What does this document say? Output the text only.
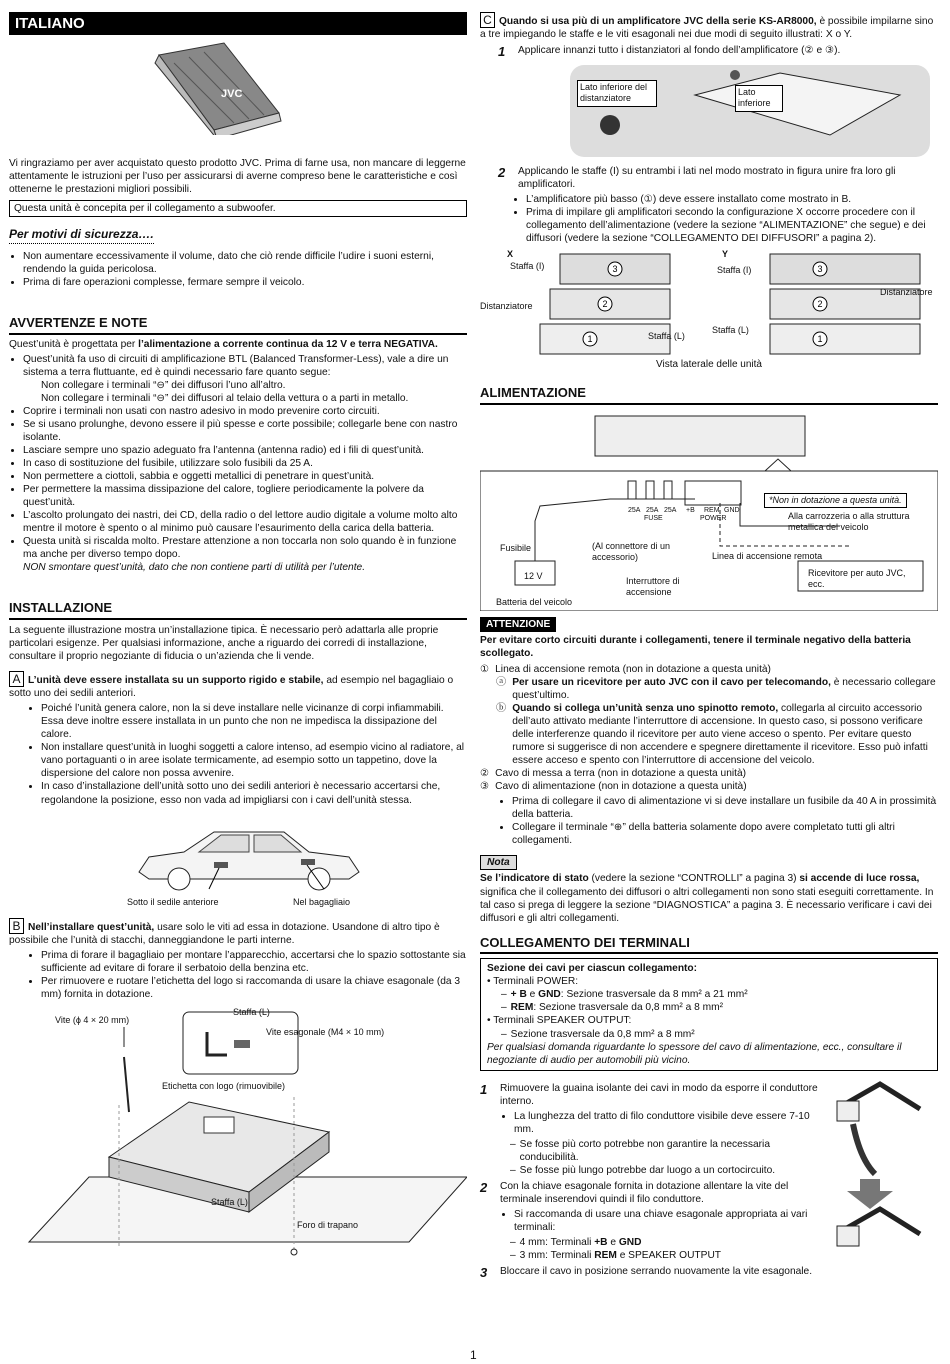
ITALIANO
JVC
Vi ringraziamo per aver acquistato questo prodotto JVC. Prima di farne usa, non mancare di leggerne attentamente le istruzioni per l’uso per assicurarsi di averne compreso bene le caratteristiche e così ottenerne le prestazioni migliori possibili.
Questa unità è concepita per il collegamento a subwoofer.
Per motivi di sicurezza….
• Non aumentare eccessivamente il volume, dato che ciò rende difficile l’udire i suoni esterni, rendendo la guida pericolosa.
• Prima di fare operazioni complesse, fermare sempre il veicolo.
AVVERTENZE E NOTE
Quest’unità è progettata per l’alimentazione a corrente continua da 12 V e terra NEGATIVA.
• Quest’unità fa uso di circuiti di amplificazione BTL (Balanced Transformer-Less), vale a dire un sistema a terra fluttuante, ed è quindi necessario fare quanto segue:
Non collegare i terminali “⊖” dei diffusori l’uno all’altro.
Non collegare i terminali “⊖” dei diffusori al telaio della vettura o a parti in metallo.
• Coprire i terminali non usati con nastro adesivo in modo prevenire corto circuiti.
• Se si usano prolunghe, devono essere il più spesse e corte possibile; collegarle bene con nastro isolante.
• Lasciare sempre uno spazio adeguato fra l’antenna (antenna radio) ed i fili di quest’unità.
• In caso di sostituzione del fusibile, utilizzare solo fusibili da 25 A.
• Non permettere a ciottoli, sabbia e oggetti metallici di penetrare in quest’unità.
• Per permettere la massima dissipazione del calore, togliere periodicamente la polvere da quest’unità.
• L’ascolto prolungato dei nastri, dei CD, della radio o del lettore audio digitale a volume molto alto mentre il motore è spento o al minimo può causare l’esaurimento della carica della batteria.
• Questa unità si riscalda molto. Prestare attenzione a non toccarla non solo quando è in funzione ma anche per diverso tempo dopo.
NON smontare quest’unità, dato che non contiene parti di utilità per l’utente.
INSTALLAZIONE
La seguente illustrazione mostra un’installazione tipica. È necessario però adattarla alle proprie particolari esigenze. Per qualsiasi informazione, anche a riguardo dei corredi di installazione, consultare il proprio negoziante di fiducia o un’azienda che li vende.
A L’unità deve essere installata su un supporto rigido e stabile, ad esempio nel bagagliaio o sotto uno dei sedili anteriori.
• Poiché l’unità genera calore, non la si deve installare nelle vicinanze di corpi infiammabili. Essa deve inoltre essere installata in un punto che non ne impedisca la dissipazione del calore.
• Non installare quest’unità in luoghi soggetti a calore intenso, ad esempio vicino al radiatore, al vano portaguanti o in aree isolate termicamente, ad esempio sotto un tappetino, dove la dispersione del calore non possa avvenire.
• In caso d’installazione dell’unità sotto uno dei sedili anteriori è necessario accertarsi che, regolandone la posizione, esso non vada ad impigliarsi con i cavi dell’unità stessa.
Sotto il sedile anteriore	Nel bagagliaio
B Nell’installare quest’unità, usare solo le viti ad essa in dotazione. Usandone di altro tipo è possibile che l’unità di stacchi, danneggiandone le parti interne.
• Prima di forare il bagagliaio per montare l’apparecchio, accertarsi che lo spazio sottostante sia sufficiente ad evitare di forare il serbatoio della benzina etc.
• Per rimuovere e ruotare l’etichetta del logo si raccomanda di usare la chiave esagonale (da 3 mm) fornita in dotazione.
Vite (ϕ 4 × 20 mm)
Staffa (L)
Vite esagonale (M4 × 10 mm)
Etichetta con logo (rimuovibile)
Staffa (L)
Foro di trapano
C Quando si usa più di un amplificatore JVC della serie KS-AR8000, è possibile impilarne sino a tre impiegando le staffe e le viti esagonali nei due modi di seguito illustrati: X o Y.
1	Applicare innanzi tutto i distanziatori al fondo dell’amplificatore (② e ③).
Lato inferiore del distanziatore
Lato inferiore
2	Applicando le staffe (I) su entrambi i lati nel modo mostrato in figura unire fra loro gli amplificatori.
• L’amplificatore più basso (①) deve essere installato come mostrato in B.
• Prima di impilare gli amplificatori secondo la configurazione X occorre procedere con il collegamento dell’alimentazione (vedere la sezione “ALIMENTAZIONE” che segue) e dei diffusori (vedere la sezione “COLLEGAMENTO DEI DIFFUSORI” a pagina 2).
3
2
1
3
2
1
X	Y
Staffa (I)	Staffa (I)
Distanziatore
Distanziatore
Staffa (L)
Staffa (L)
Vista laterale delle unità
ALIMENTAZIONE
*Non in dotazione a questa unità.
25A 25A 25A
FUSE
+B REM GND
POWER	Alla carrozzeria o alla struttura metallica del veicolo
Fusibile	(Al connettore di un accessorio)	Linea di accensione remota
12 V
Batteria del veicolo
Interruttore di accensione
Ricevitore per auto JVC, ecc.
ATTENZIONE
Per evitare corto circuiti durante i collegamenti, tenere il terminale negativo della batteria scollegato.
① Linea di accensione remota (non in dotazione a questa unità)
ⓐ Per usare un ricevitore per auto JVC con il cavo per telecomando, è necessario collegare quest’ultimo.
ⓑ Quando si collega un’unità senza uno spinotto remoto, collegarla al circuito accessorio dell’auto attivato mediante l’interruttore di accensione. In questo caso, si possono verificare delle interferenze quando il ricevitore per auto viene acceso o spento. Per evitare questo rumore si suggerisce di non accendere e spegnere direttamente il ricevitore. Esso può infatti essere acceso e spento con l’interruttore di accensione del veicolo.
② Cavo di messa a terra (non in dotazione a questa unità)
③ Cavo di alimentazione (non in dotazione a questa unità)
• Prima di collegare il cavo di alimentazione vi si deve installare un fusibile da 40 A in prossimità della batteria.
• Collegare il terminale “⊕” della batteria solamente dopo avere completato tutti gli altri collegamenti.
Nota
Se l’indicatore di stato (vedere la sezione “CONTROLLI” a pagina 3) si accende di luce rossa, significa che il collegamento dei diffusori o altri collegamenti non sono stati eseguiti correttamente. In tal caso si prega di leggere la sezione “DIAGNOSTICA” a pagina 3. È necessario verificare i cavi dei diffusori e gli altri collegamenti.
COLLEGAMENTO DEI TERMINALI
Sezione dei cavi per ciascun collegamento:
• Terminali POWER:
– + B e GND: Sezione trasversale da 8 mm² a 21 mm²
– REM: Sezione trasversale da 0,8 mm² a 8 mm²
• Terminali SPEAKER OUTPUT:
– Sezione trasversale da 0,8 mm² a 8 mm²
Per qualsiasi domanda riguardante lo spessore del cavo di alimentazione, ecc., consultare il negoziante di audio per automobili più vicino.
1	Rimuovere la guaina isolante dei cavi in modo da esporre il conduttore interno.
• La lunghezza del tratto di filo conduttore visibile deve essere 7-10 mm.
– Se fosse più corto potrebbe non garantire la necessaria conducibilità.
– Se fosse più lungo potrebbe dar luogo a un cortocircuito.
2	Con la chiave esagonale fornita in dotazione allentare la vite del terminale inserendovi quindi il filo conduttore.
• Si raccomanda di usare una chiave esagonale appropriata ai vari terminali:
– 4 mm: Terminali +B e GND
– 3 mm: Terminali REM e SPEAKER OUTPUT
3	Bloccare il cavo in posizione serrando nuovamente la vite esagonale.
1
